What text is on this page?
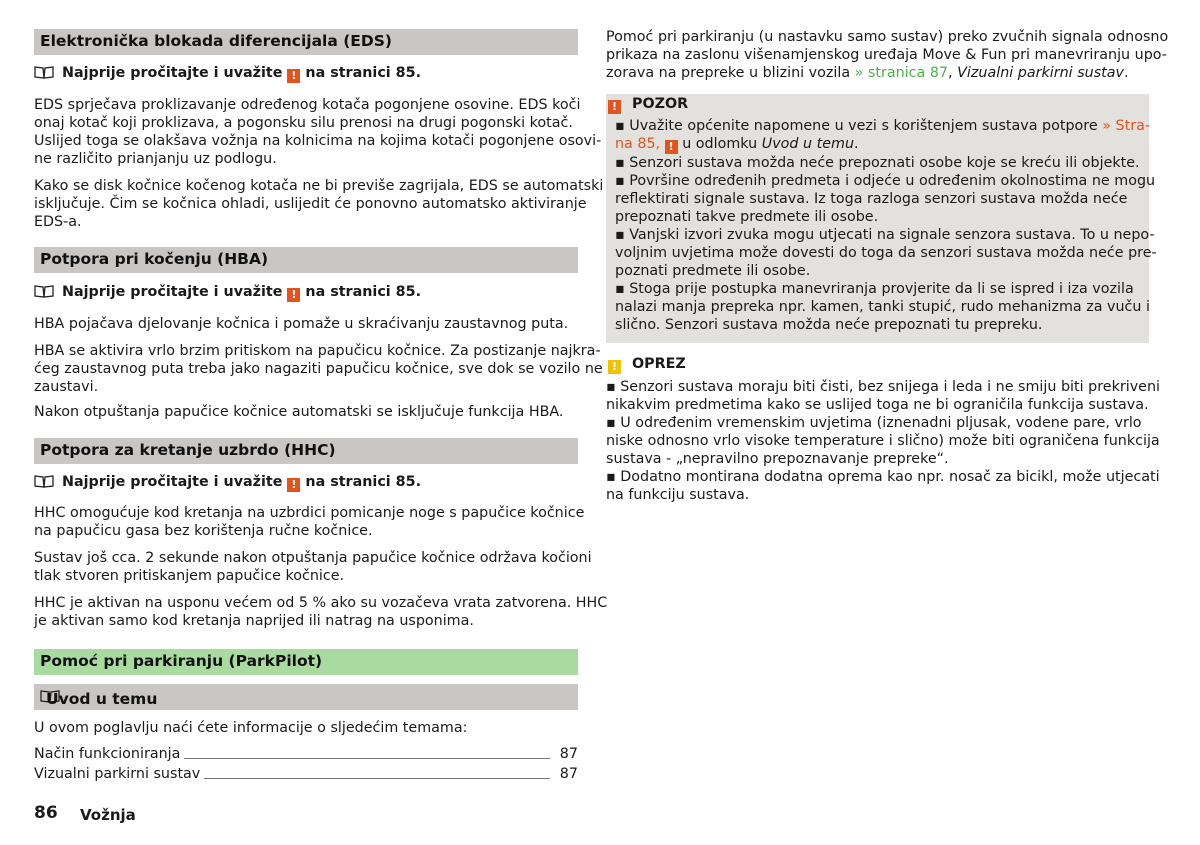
Elektronička blokada diferencijala (EDS)
Najprije pročitajte i uvažite ! na stranici 85.
EDS sprječava proklizavanje određenog kotača pogonjene osovine. EDS koči
onaj kotač koji proklizava, a pogonsku silu prenosi na drugi pogonski kotač.
Uslijed toga se olakšava vožnja na kolnicima na kojima kotači pogonjene osovi-
ne različito prianjanju uz podlogu.
Kako se disk kočnice kočenog kotača ne bi previše zagrijala, EDS se automatski
isključuje. Čim se kočnica ohladi, uslijedit će ponovno automatsko aktiviranje
EDS-a.
Potpora pri kočenju (HBA)
Najprije pročitajte i uvažite ! na stranici 85.
HBA pojačava djelovanje kočnica i pomaže u skraćivanju zaustavnog puta.
HBA se aktivira vrlo brzim pritiskom na papučicu kočnice. Za postizanje najkra-
ćeg zaustavnog puta treba jako nagaziti papučicu kočnice, sve dok se vozilo ne
zaustavi.
Nakon otpuštanja papučice kočnice automatski se isključuje funkcija HBA.
Potpora za kretanje uzbrdo (HHC)
Najprije pročitajte i uvažite ! na stranici 85.
HHC omogućuje kod kretanja na uzbrdici pomicanje noge s papučice kočnice
na papučicu gasa bez korištenja ručne kočnice.
Sustav još cca. 2 sekunde nakon otpuštanja papučice kočnice održava kočioni
tlak stvoren pritiskanjem papučice kočnice.
HHC je aktivan na usponu većem od 5 % ako su vozačeva vrata zatvorena. HHC
je aktivan samo kod kretanja naprijed ili natrag na usponima.
Pomoć pri parkiranju (ParkPilot)
Uvod u temu
U ovom poglavlju naći ćete informacije o sljedećim temama:
Način funkcioniranja	87
Vizualni parkirni sustav	87
86 Vožnja
Pomoć pri parkiranju (u nastavku samo sustav) preko zvučnih signala odnosno
prikaza na zaslonu višenamjenskog uređaja Move & Fun pri manevriranju upo-
zorava na prepreke u blizini vozila » stranica 87, Vizualni parkirni sustav.
! POZOR
▪ Uvažite općenite napomene u vezi s korištenjem sustava potpore » Stra-
na 85, ! u odlomku Uvod u temu.
▪ Senzori sustava možda neće prepoznati osobe koje se kreću ili objekte.
▪ Površine određenih predmeta i odjeće u određenim okolnostima ne mogu
reflektirati signale sustava. Iz toga razloga senzori sustava možda neće
prepoznati takve predmete ili osobe.
▪ Vanjski izvori zvuka mogu utjecati na signale senzora sustava. To u nepo-
voljnim uvjetima može dovesti do toga da senzori sustava možda neće pre-
poznati predmete ili osobe.
▪ Stoga prije postupka manevriranja provjerite da li se ispred i iza vozila
nalazi manja prepreka npr. kamen, tanki stupić, rudo mehanizma za vuču i
slično. Senzori sustava možda neće prepoznati tu prepreku.
! OPREZ
▪ Senzori sustava moraju biti čisti, bez snijega i leda i ne smiju biti prekriveni
nikakvim predmetima kako se uslijed toga ne bi ograničila funkcija sustava.
▪ U određenim vremenskim uvjetima (iznenadni pljusak, vodene pare, vrlo
niske odnosno vrlo visoke temperature i slično) može biti ograničena funkcija
sustava - „nepravilno prepoznavanje prepreke“.
▪ Dodatno montirana dodatna oprema kao npr. nosač za bicikl, može utjecati
na funkciju sustava.
